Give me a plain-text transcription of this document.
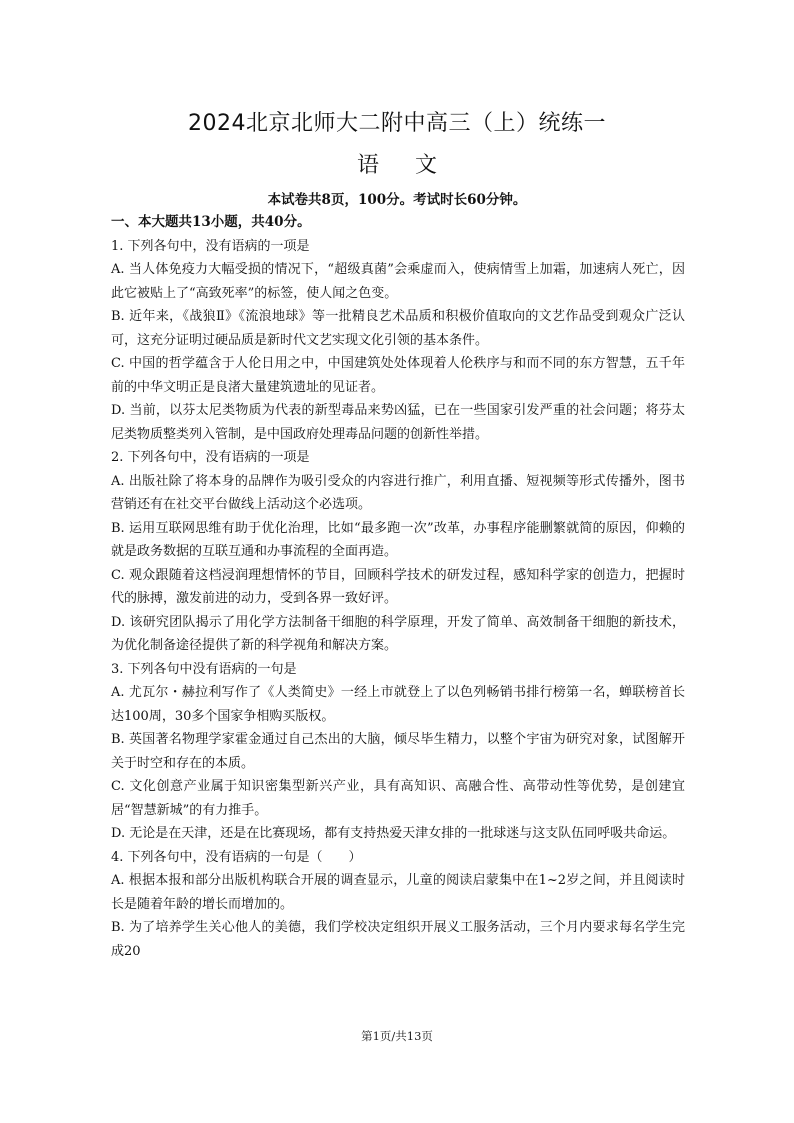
2024北京北师大二附中高三（上）统练一
语文
本试卷共8页，100分。考试时长60分钟。

一、本大题共13小题，共40分。

1. 下列各句中，没有语病的一项是

A. 当人体免疫力大幅受损的情况下，“超级真菌”会乘虚而入，使病情雪上加霜，加速病人死亡，因此它被贴上了“高致死率”的标签，使人闻之色变。

B. 近年来，《战狼Ⅱ》《流浪地球》等一批精良艺术品质和积极价值取向的文艺作品受到观众广泛认可，这充分证明过硬品质是新时代文艺实现文化引领的基本条件。

C. 中国的哲学蕴含于人伦日用之中，中国建筑处处体现着人伦秩序与和而不同的东方智慧，五千年前的中华文明正是良渚大量建筑遗址的见证者。

D. 当前，以芬太尼类物质为代表的新型毒品来势凶猛，已在一些国家引发严重的社会问题；将芬太尼类物质整类列入管制，是中国政府处理毒品问题的创新性举措。

2. 下列各句中，没有语病的一项是

A. 出版社除了将本身的品牌作为吸引受众的内容进行推广，利用直播、短视频等形式传播外，图书营销还有在社交平台做线上活动这个必选项。

B. 运用互联网思维有助于优化治理，比如“最多跑一次”改革，办事程序能删繁就简的原因，仰赖的就是政务数据的互联互通和办事流程的全面再造。

C. 观众跟随着这档浸润理想情怀的节目，回顾科学技术的研发过程，感知科学家的创造力，把握时代的脉搏，激发前进的动力，受到各界一致好评。

D. 该研究团队揭示了用化学方法制备干细胞的科学原理，开发了简单、高效制备干细胞的新技术，为优化制备途径提供了新的科学视角和解决方案。

3. 下列各句中没有语病的一句是

A. 尤瓦尔・赫拉利写作了《人类简史》一经上市就登上了以色列畅销书排行榜第一名，蝉联榜首长达100周，30多个国家争相购买版权。

B. 英国著名物理学家霍金通过自己杰出的大脑，倾尽毕生精力，以整个宇宙为研究对象，试图解开关于时空和存在的本质。

C. 文化创意产业属于知识密集型新兴产业，具有高知识、高融合性、高带动性等优势，是创建宜居“智慧新城”的有力推手。

D. 无论是在天津，还是在比赛现场，都有支持热爱天津女排的一批球迷与这支队伍同呼吸共命运。

4. 下列各句中，没有语病的一句是（　　）

A. 根据本报和部分出版机构联合开展的调查显示，儿童的阅读启蒙集中在1~2岁之间，并且阅读时长是随着年龄的增长而增加的。

B. 为了培养学生关心他人的美德，我们学校决定组织开展义工服务活动，三个月内要求每名学生完成20

第1页/共13页
